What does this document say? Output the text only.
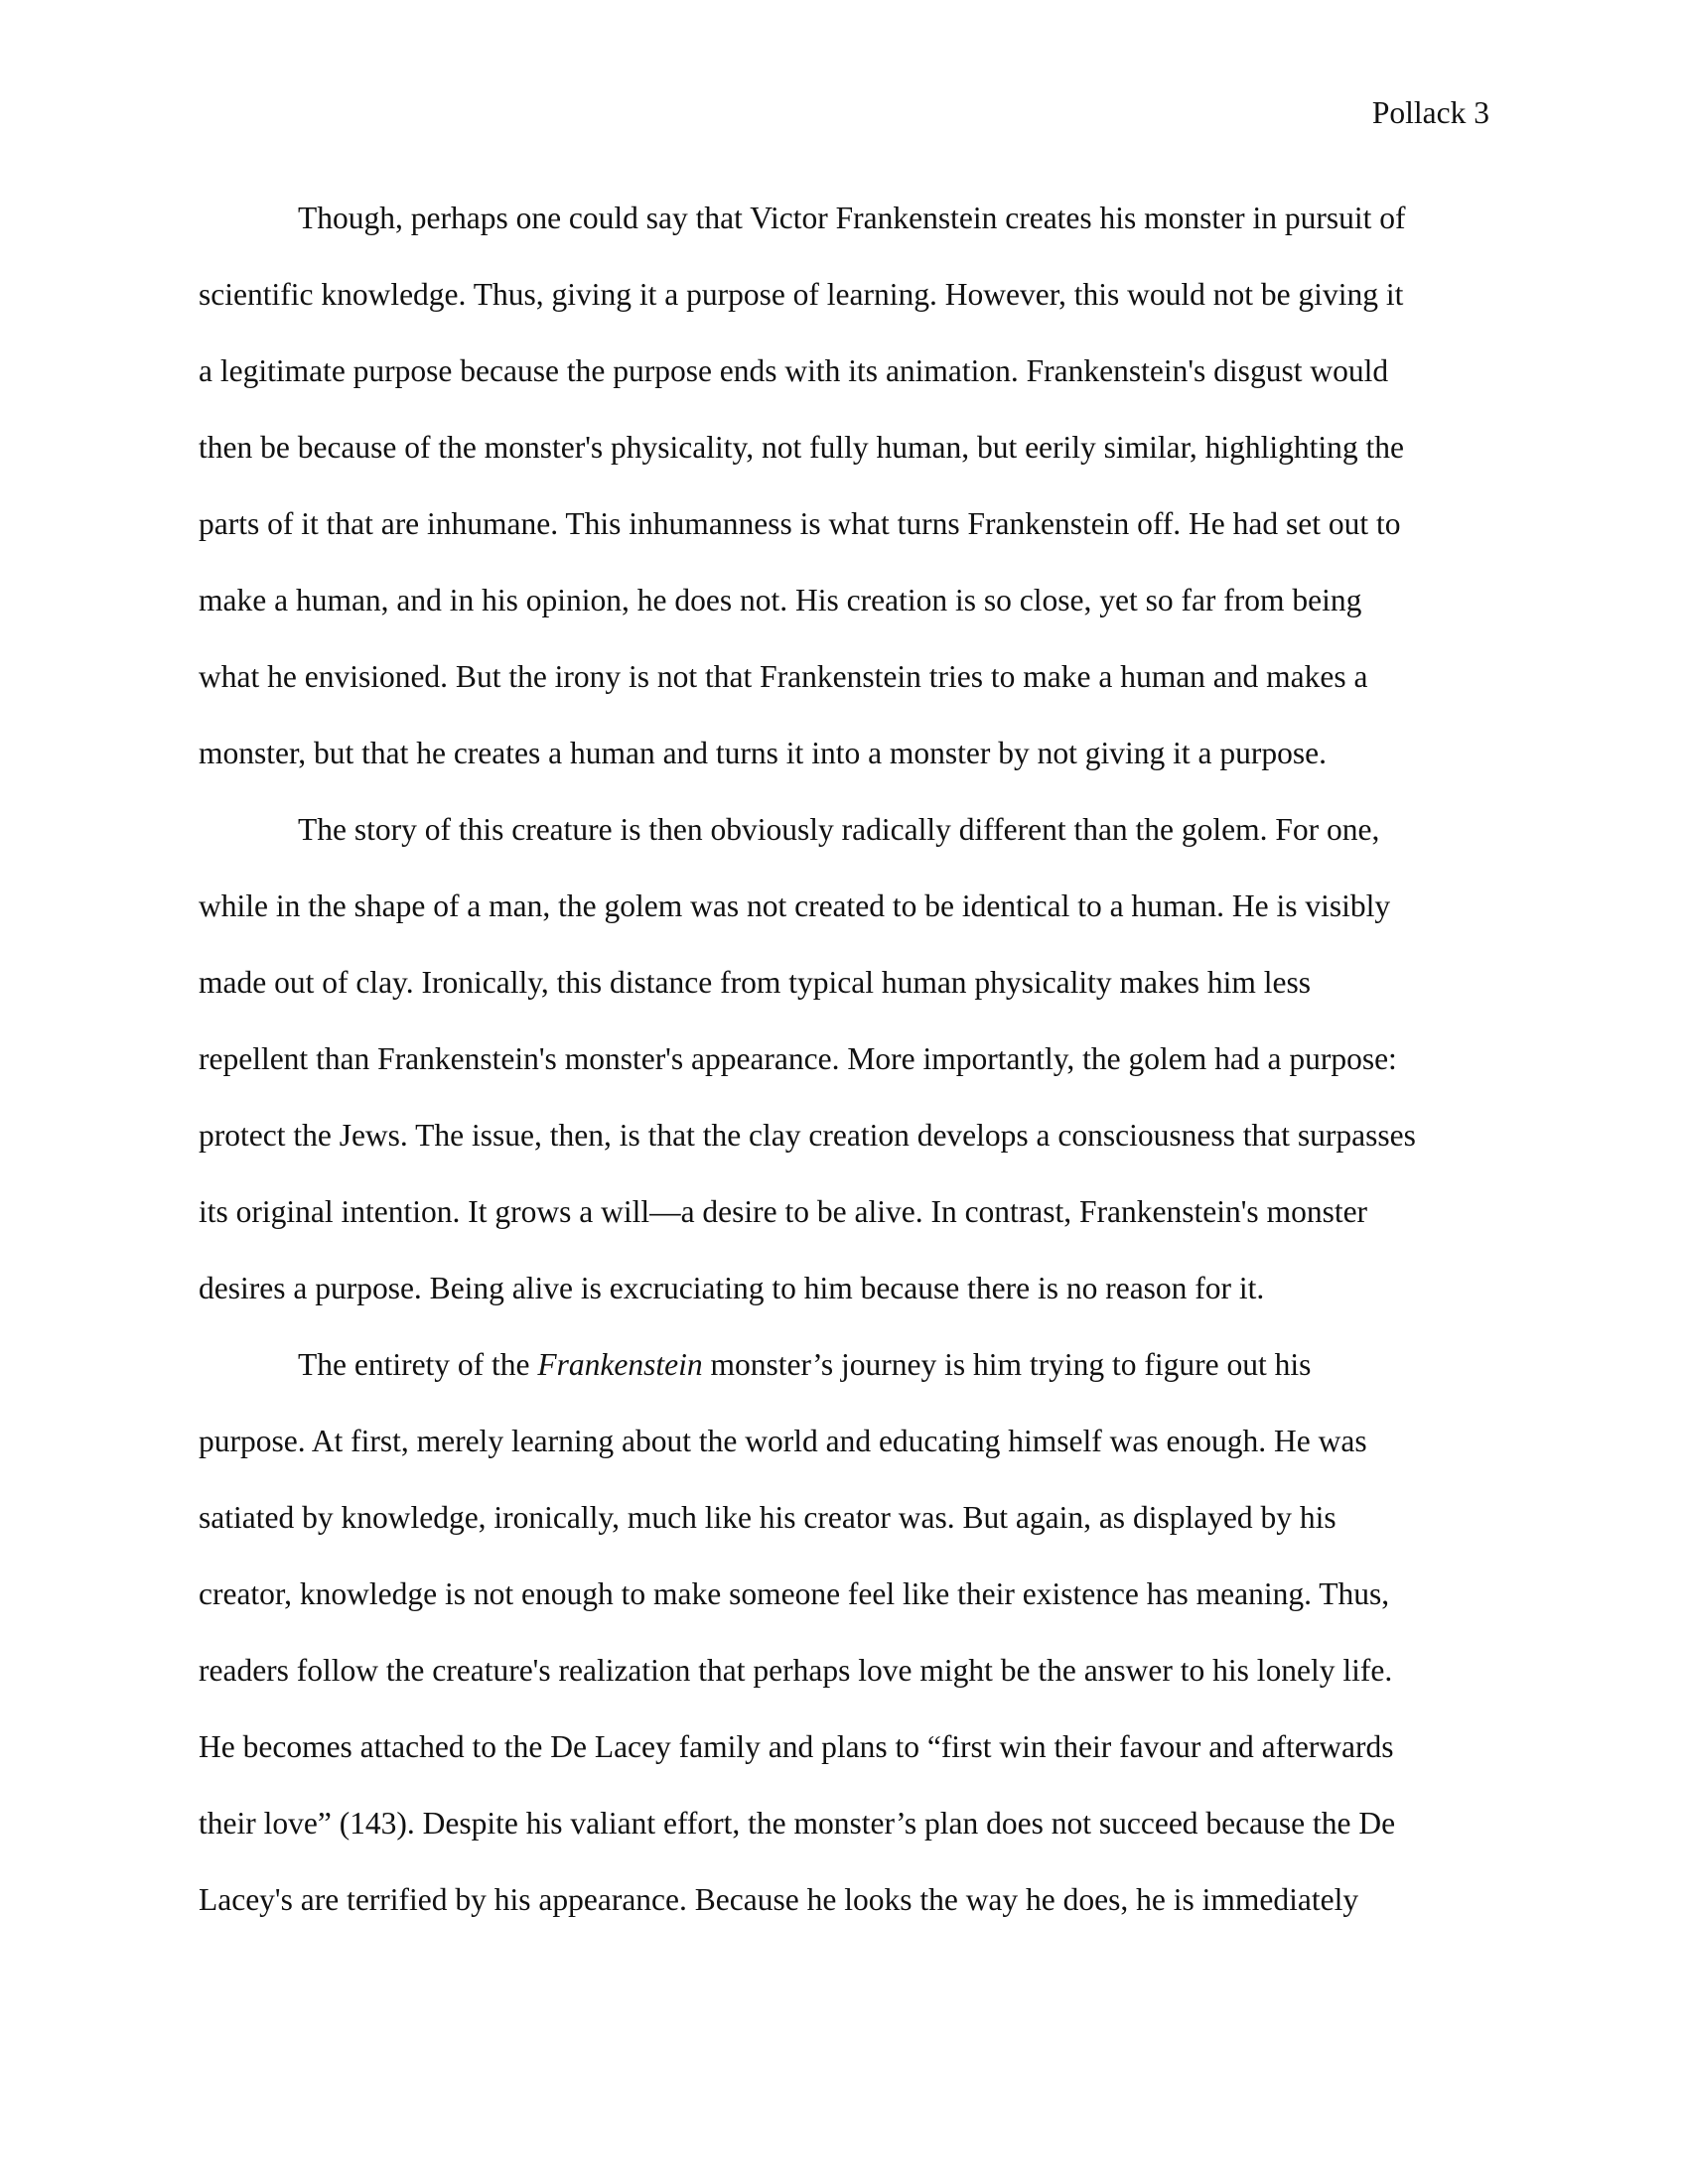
Pollack 3
Though, perhaps one could say that Victor Frankenstein creates his monster in pursuit of
scientific knowledge. Thus, giving it a purpose of learning. However, this would not be giving it
a legitimate purpose because the purpose ends with its animation. Frankenstein's disgust would
then be because of the monster's physicality, not fully human, but eerily similar, highlighting the
parts of it that are inhumane. This inhumanness is what turns Frankenstein off. He had set out to
make a human, and in his opinion, he does not. His creation is so close, yet so far from being
what he envisioned. But the irony is not that Frankenstein tries to make a human and makes a
monster, but that he creates a human and turns it into a monster by not giving it a purpose.
The story of this creature is then obviously radically different than the golem. For one,
while in the shape of a man, the golem was not created to be identical to a human. He is visibly
made out of clay. Ironically, this distance from typical human physicality makes him less
repellent than Frankenstein's monster's appearance. More importantly, the golem had a purpose:
protect the Jews. The issue, then, is that the clay creation develops a consciousness that surpasses
its original intention. It grows a will—a desire to be alive. In contrast, Frankenstein's monster
desires a purpose. Being alive is excruciating to him because there is no reason for it.
The entirety of the Frankenstein monster’s journey is him trying to figure out his
purpose. At first, merely learning about the world and educating himself was enough. He was
satiated by knowledge, ironically, much like his creator was. But again, as displayed by his
creator, knowledge is not enough to make someone feel like their existence has meaning. Thus,
readers follow the creature's realization that perhaps love might be the answer to his lonely life.
He becomes attached to the De Lacey family and plans to “first win their favour and afterwards
their love” (143). Despite his valiant effort, the monster’s plan does not succeed because the De
Lacey's are terrified by his appearance. Because he looks the way he does, he is immediately
